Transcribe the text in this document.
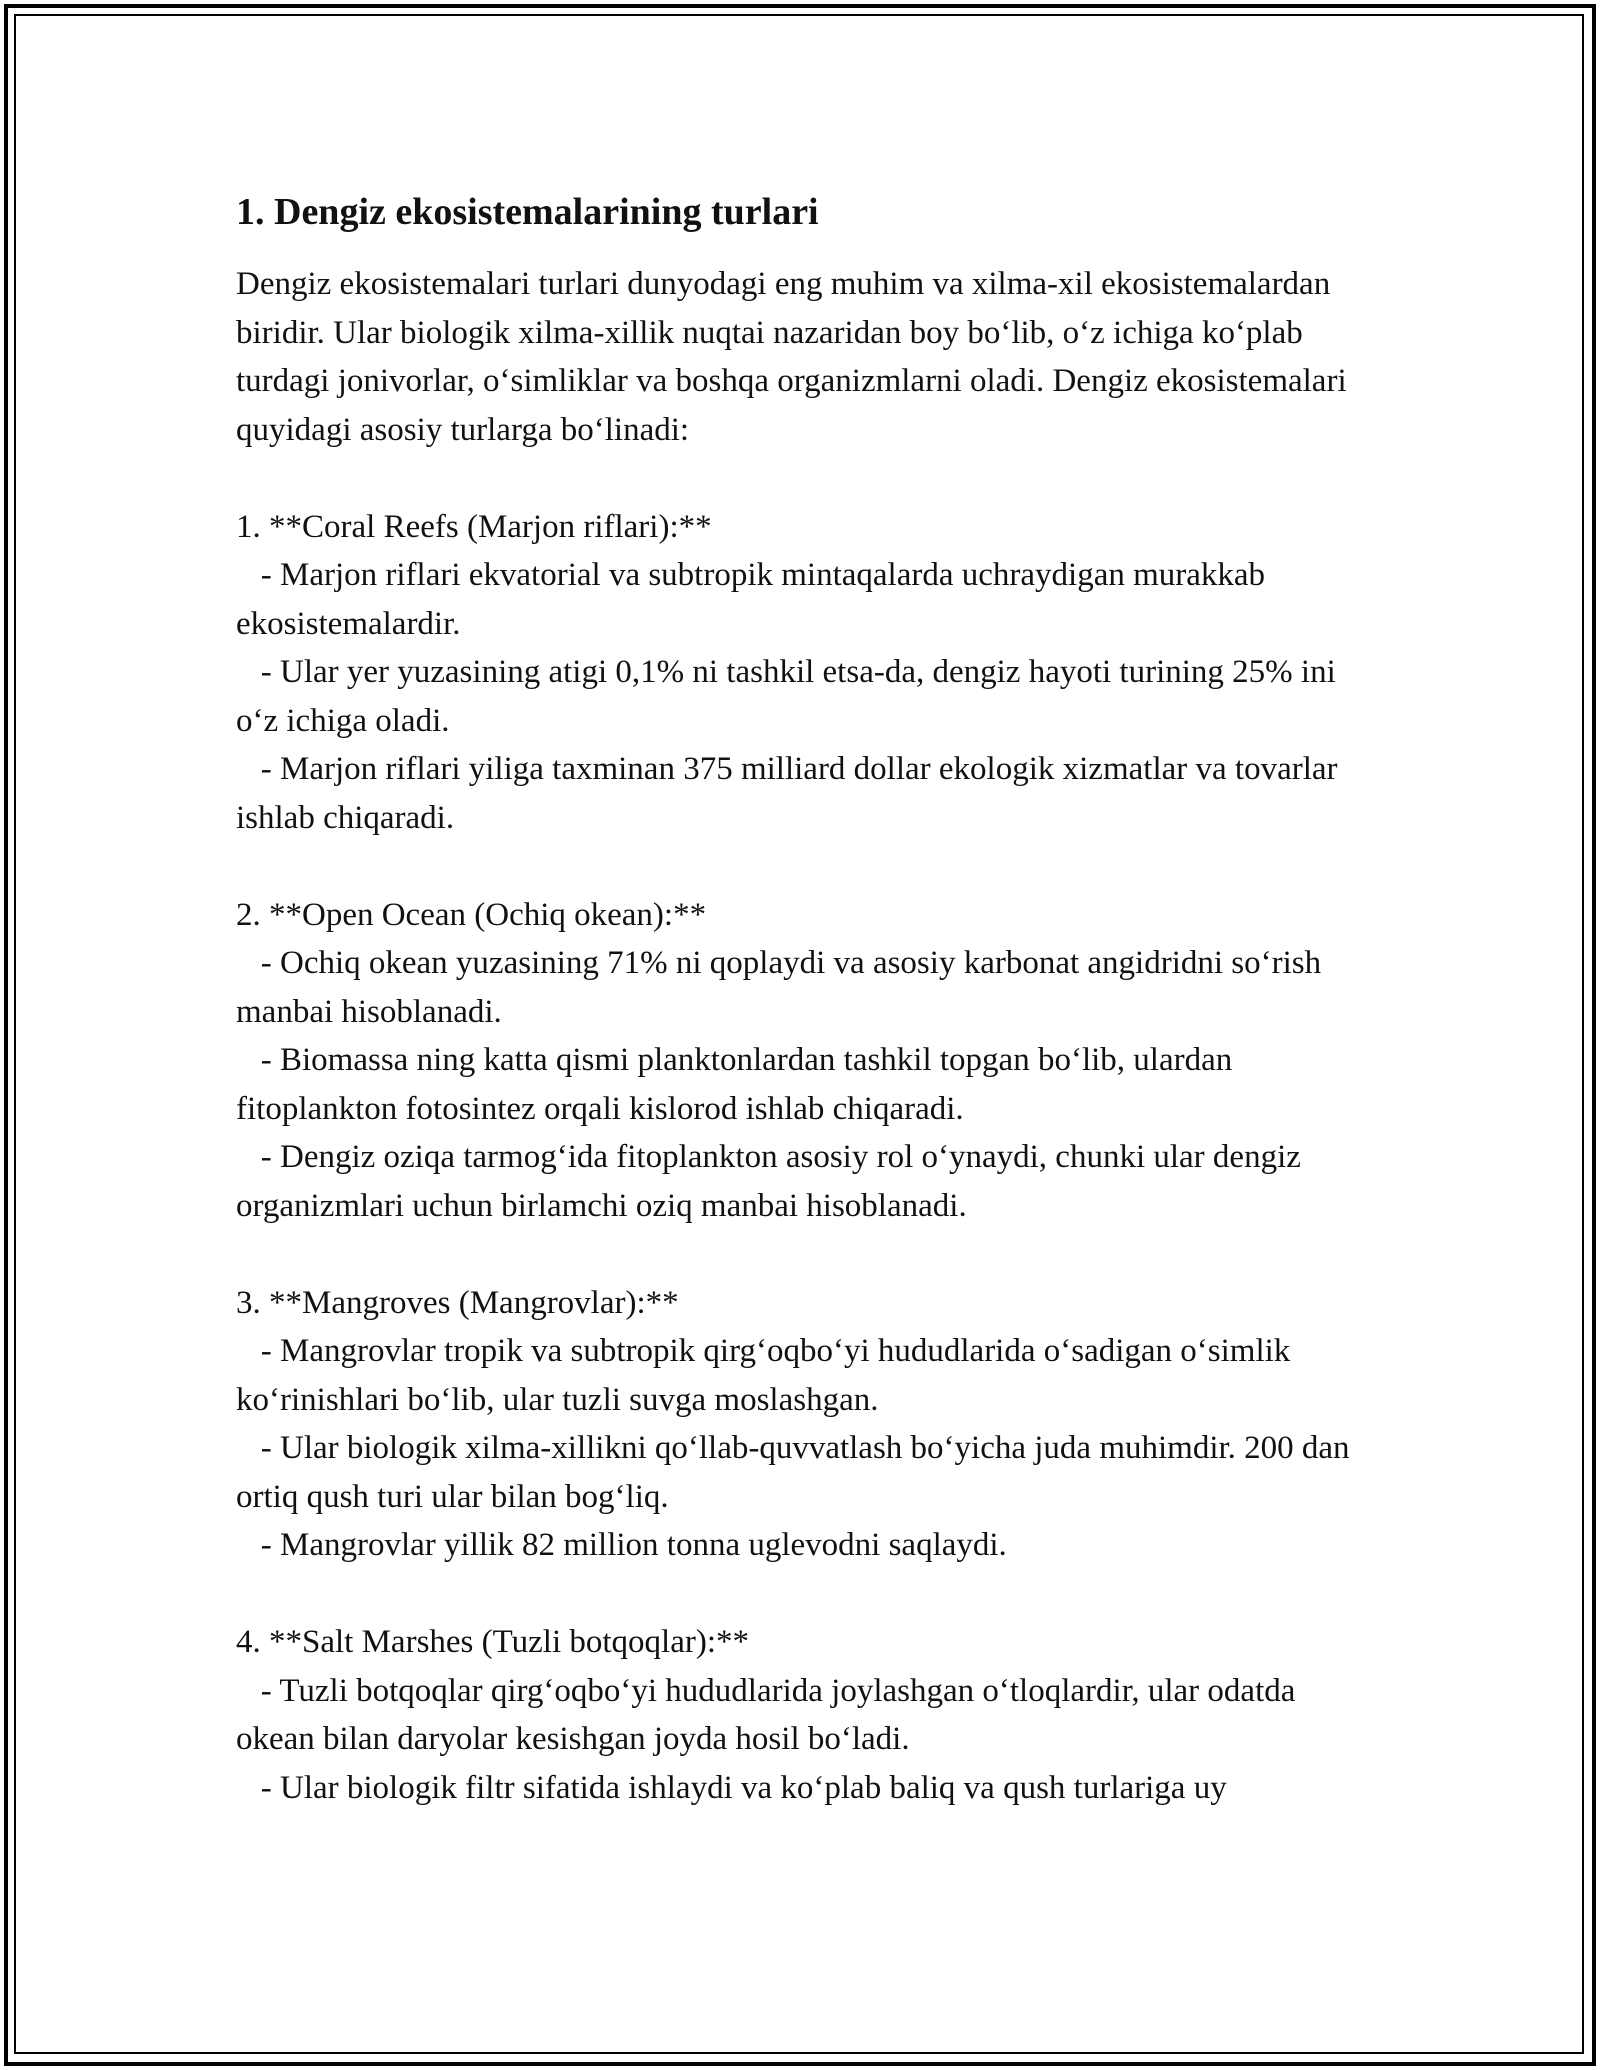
1. Dengiz ekosistemalarining turlari

Dengiz ekosistemalari turlari dunyodagi eng muhim va xilma-xil ekosistemalardan biridir. Ular biologik xilma-xillik nuqtai nazaridan boy bo‘lib, o‘z ichiga ko‘plab turdagi jonivorlar, o‘simliklar va boshqa organizmlarni oladi. Dengiz ekosistemalari quyidagi asosiy turlarga bo‘linadi:

1. **Coral Reefs (Marjon riflari):**

- Marjon riflari ekvatorial va subtropik mintaqalarda uchraydigan murakkab ekosistemalardir.

- Ular yer yuzasining atigi 0,1% ni tashkil etsa-da, dengiz hayoti turining 25% ini o‘z ichiga oladi.

- Marjon riflari yiliga taxminan 375 milliard dollar ekologik xizmatlar va tovarlar ishlab chiqaradi.

2. **Open Ocean (Ochiq okean):**

- Ochiq okean yuzasining 71% ni qoplaydi va asosiy karbonat angidridni so‘rish manbai hisoblanadi.

- Biomassa ning katta qismi planktonlardan tashkil topgan bo‘lib, ulardan fitoplankton fotosintez orqali kislorod ishlab chiqaradi.

- Dengiz oziqa tarmog‘ida fitoplankton asosiy rol o‘ynaydi, chunki ular dengiz organizmlari uchun birlamchi oziq manbai hisoblanadi.

3. **Mangroves (Mangrovlar):**

- Mangrovlar tropik va subtropik qirg‘oqbo‘yi hududlarida o‘sadigan o‘simlik ko‘rinishlari bo‘lib, ular tuzli suvga moslashgan.

- Ular biologik xilma-xillikni qo‘llab-quvvatlash bo‘yicha juda muhimdir. 200 dan ortiq qush turi ular bilan bog‘liq.

- Mangrovlar yillik 82 million tonna uglevodni saqlaydi.

4. **Salt Marshes (Tuzli botqoqlar):**

- Tuzli botqoqlar qirg‘oqbo‘yi hududlarida joylashgan o‘tloqlardir, ular odatda okean bilan daryolar kesishgan joyda hosil bo‘ladi.

- Ular biologik filtr sifatida ishlaydi va ko‘plab baliq va qush turlariga uy
